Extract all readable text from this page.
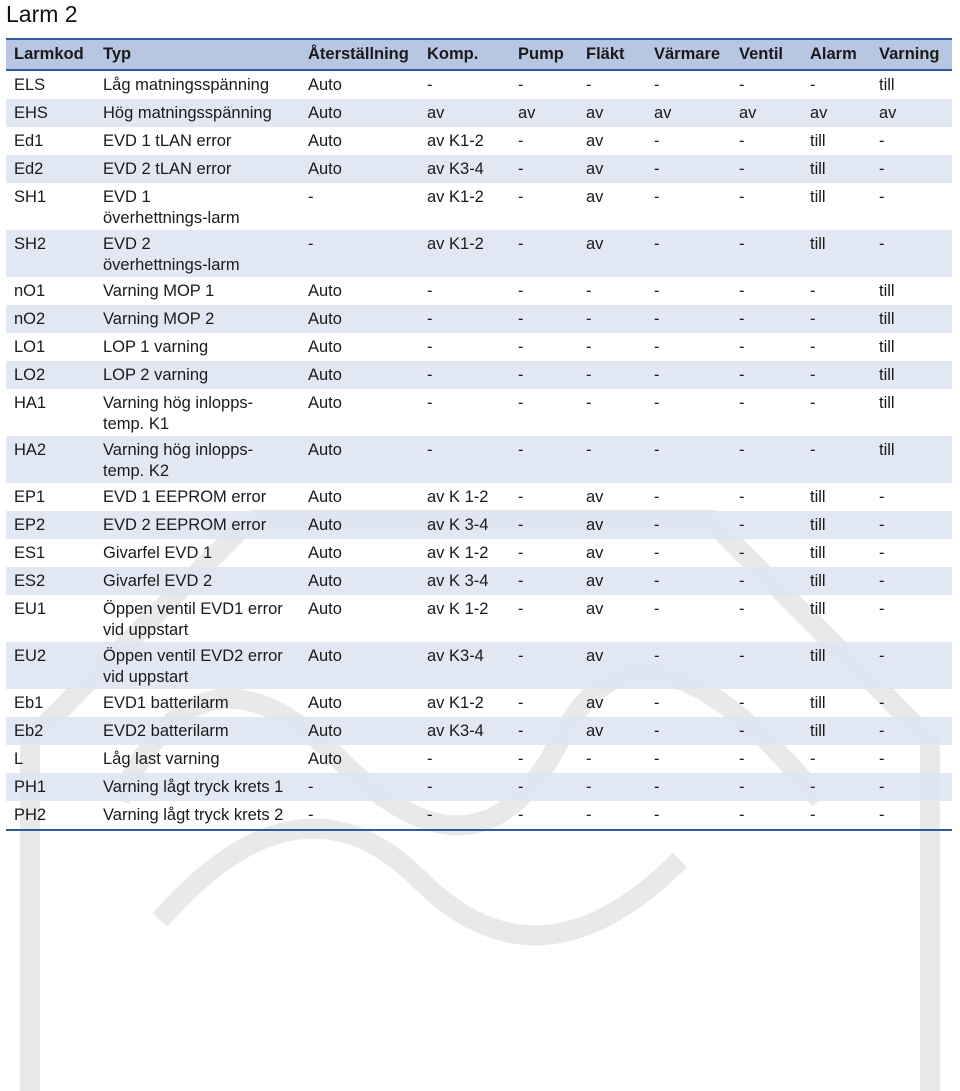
Larm 2
Larmkod	Typ	Återställning	Komp.	Pump	Fläkt	Värmare	Ventil	Alarm	Varning
ELS	Låg matningsspänning	Auto	-	-	-	-	-	-	till
EHS	Hög matningsspänning	Auto	av	av	av	av	av	av	av
Ed1	EVD 1 tLAN error	Auto	av K1-2	-	av	-	-	till	-
Ed2	EVD 2 tLAN error	Auto	av K3-4	-	av	-	-	till	-
SH1	EVD 1 överhettnings-larm	-	av K1-2	-	av	-	-	till	-
SH2	EVD 2 överhettnings-larm	-	av K1-2	-	av	-	-	till	-
nO1	Varning MOP 1	Auto	-	-	-	-	-	-	till
nO2	Varning MOP 2	Auto	-	-	-	-	-	-	till
LO1	LOP 1 varning	Auto	-	-	-	-	-	-	till
LO2	LOP 2 varning	Auto	-	-	-	-	-	-	till
HA1	Varning hög inlopps-temp. K1	Auto	-	-	-	-	-	-	till
HA2	Varning hög inlopps-temp. K2	Auto	-	-	-	-	-	-	till
EP1	EVD 1 EEPROM error	Auto	av K 1-2	-	av	-	-	till	-
EP2	EVD 2 EEPROM error	Auto	av K 3-4	-	av	-	-	till	-
ES1	Givarfel EVD 1	Auto	av K 1-2	-	av	-	-	till	-
ES2	Givarfel EVD 2	Auto	av K 3-4	-	av	-	-	till	-
EU1	Öppen ventil EVD1 error vid uppstart	Auto	av K 1-2	-	av	-	-	till	-
EU2	Öppen ventil EVD2 error vid uppstart	Auto	av K3-4	-	av	-	-	till	-
Eb1	EVD1 batterilarm	Auto	av K1-2	-	av	-	-	till	-
Eb2	EVD2 batterilarm	Auto	av K3-4	-	av	-	-	till	-
L	Låg last varning	Auto	-	-	-	-	-	-	-
PH1	Varning lågt tryck krets 1	-	-	-	-	-	-	-	-
PH2	Varning lågt tryck krets 2	-	-	-	-	-	-	-	-
